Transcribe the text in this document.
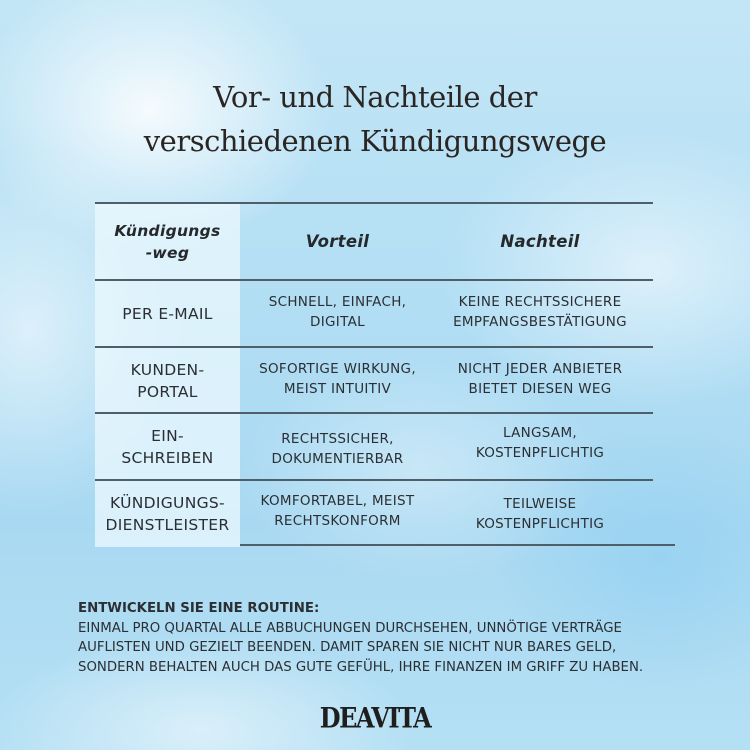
Vor- und Nachteile der
verschiedenen Kündigungswege
Kündigungs
-weg
Vorteil	Nachteil
PER E-MAIL
SCHNELL, EINFACH,
DIGITAL
KEINE RECHTSSICHERE
EMPFANGSBESTÄTIGUNG
KUNDEN-
PORTAL
SOFORTIGE WIRKUNG,
MEIST INTUITIV
NICHT JEDER ANBIETER
BIETET DIESEN WEG
EIN-
SCHREIBEN
RECHTSSICHER,
DOKUMENTIERBAR
LANGSAM,
KOSTENPFLICHTIG
KÜNDIGUNGS-
DIENSTLEISTER
KOMFORTABEL, MEIST
RECHTSKONFORM
TEILWEISE
KOSTENPFLICHTIG
ENTWICKELN SIE EINE ROUTINE:
EINMAL PRO QUARTAL ALLE ABBUCHUNGEN DURCHSEHEN, UNNÖTIGE VERTRÄGE
AUFLISTEN UND GEZIELT BEENDEN. DAMIT SPAREN SIE NICHT NUR BARES GELD,
SONDERN BEHALTEN AUCH DAS GUTE GEFÜHL, IHRE FINANZEN IM GRIFF ZU HABEN.
DEAVITA
